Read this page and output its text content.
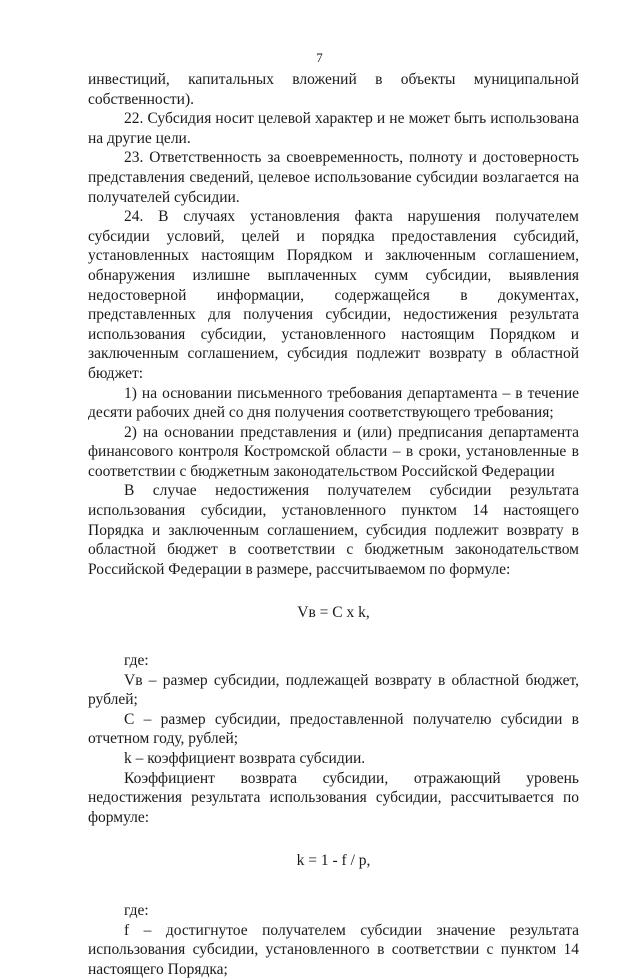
7

инвестиций, капитальных вложений в объекты муниципальной

собственности).

22. Субсидия носит целевой характер и не может быть использована на другие цели.

23. Ответственность за своевременность, полноту и достоверность представления сведений, целевое использование субсидии возлагается на получателей субсидии.

24. В случаях установления факта нарушения получателем субсидии условий, целей и порядка предоставления субсидий, установленных настоящим Порядком и заключенным соглашением, обнаружения излишне выплаченных сумм субсидии, выявления недостоверной информации, содержащейся в документах, представленных для получения субсидии, недостижения результата использования субсидии, установленного настоящим Порядком и заключенным соглашением, субсидия подлежит возврату в областной бюджет:

1) на основании письменного требования департамента – в течение десяти рабочих дней со дня получения соответствующего требования;

2) на основании представления и (или) предписания департамента финансового контроля Костромской области – в сроки, установленные в соответствии с бюджетным законодательством Российской Федерации

В случае недостижения получателем субсидии результата использования субсидии, установленного пунктом 14 настоящего Порядка и заключенным соглашением, субсидия подлежит возврату в областной бюджет в соответствии с бюджетным законодательством Российской Федерации в размере, рассчитываемом по формуле:

Vв = C x k,

где:

Vв – размер субсидии, подлежащей возврату в областной бюджет, рублей;

С – размер субсидии, предоставленной получателю субсидии в отчетном году, рублей;

k – коэффициент возврата субсидии.

Коэффициент возврата субсидии, отражающий уровень недостижения результата использования субсидии, рассчитывается по формуле:

k = 1 - f / p,

где:

f – достигнутое получателем субсидии значение результата использования субсидии, установленного в соответствии с пунктом 14 настоящего Порядка;
